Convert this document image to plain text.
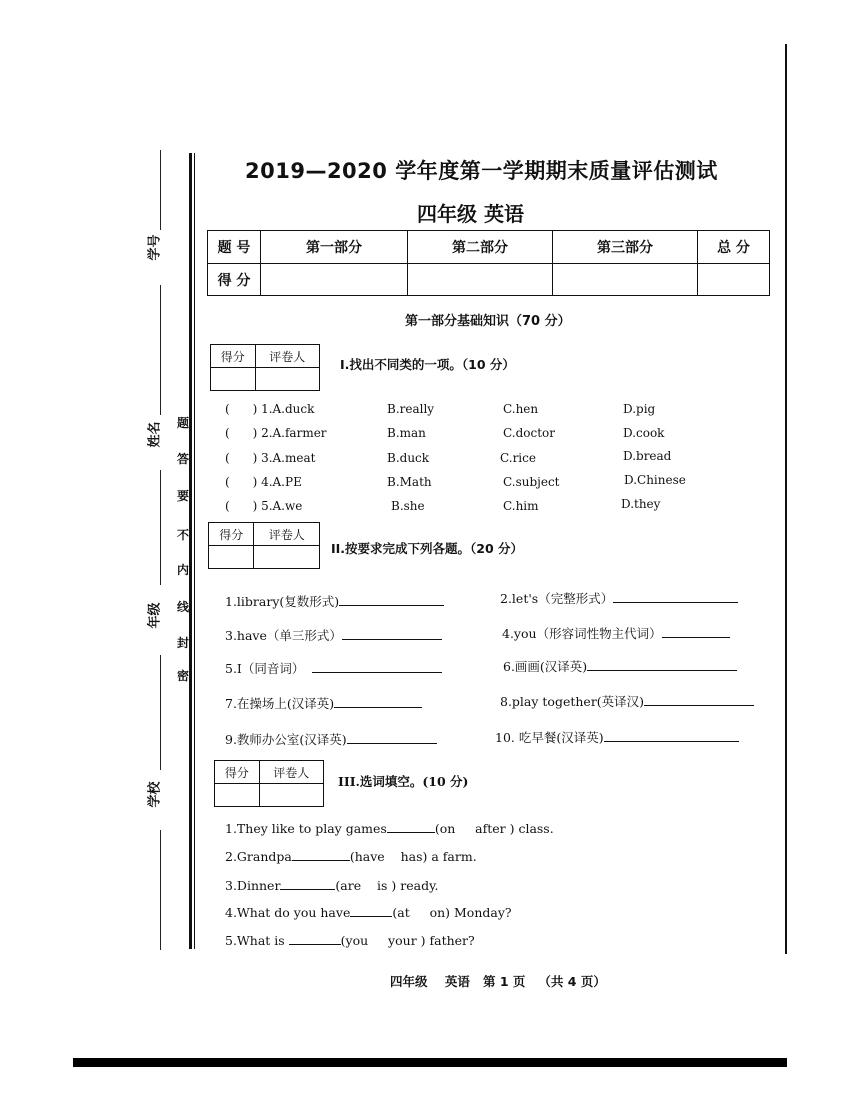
学号
姓名
年级
学校
题
答
要
不
内
线
封
密
2019—2020 学年度第一学期期末质量评估测试
四年级 英语
题 号	第一部分	第二部分	第三部分	总 分
得 分				
第一部分基础知识（70 分）
得分	评卷人

I.找出不同类的一项。（10 分）
(      ) 1.A.duck	B.really	C.hen	D.pig
(      ) 2.A.farmer	B.man	C.doctor	D.cook
(      ) 3.A.meat	B.duck	C.rice	D.bread
(      ) 4.A.PE	B.Math	C.subject	D.Chinese
(      ) 5.A.we	B.she	C.him	D.they
得分	评卷人

II.按要求完成下列各题。（20 分）
1.library(复数形式)	2.let's（完整形式）
3.have（单三形式）	4.you（形容词性物主代词）
5.I（同音词）	6.画画(汉译英)
7.在操场上(汉译英)	8.play together(英译汉)
9.教师办公室(汉译英)	10. 吃早餐(汉译英)
得分	评卷人

III.选词填空。(10 分)
1.They like to play games	(on     after ) class.
2.Grandpa	(have    has) a farm.
3.Dinner	(are    is ) ready.
4.What do you have	(at     on) Monday?
5.What is	(you     your ) father?
四年级    英语   第 1 页   （共 4 页）
